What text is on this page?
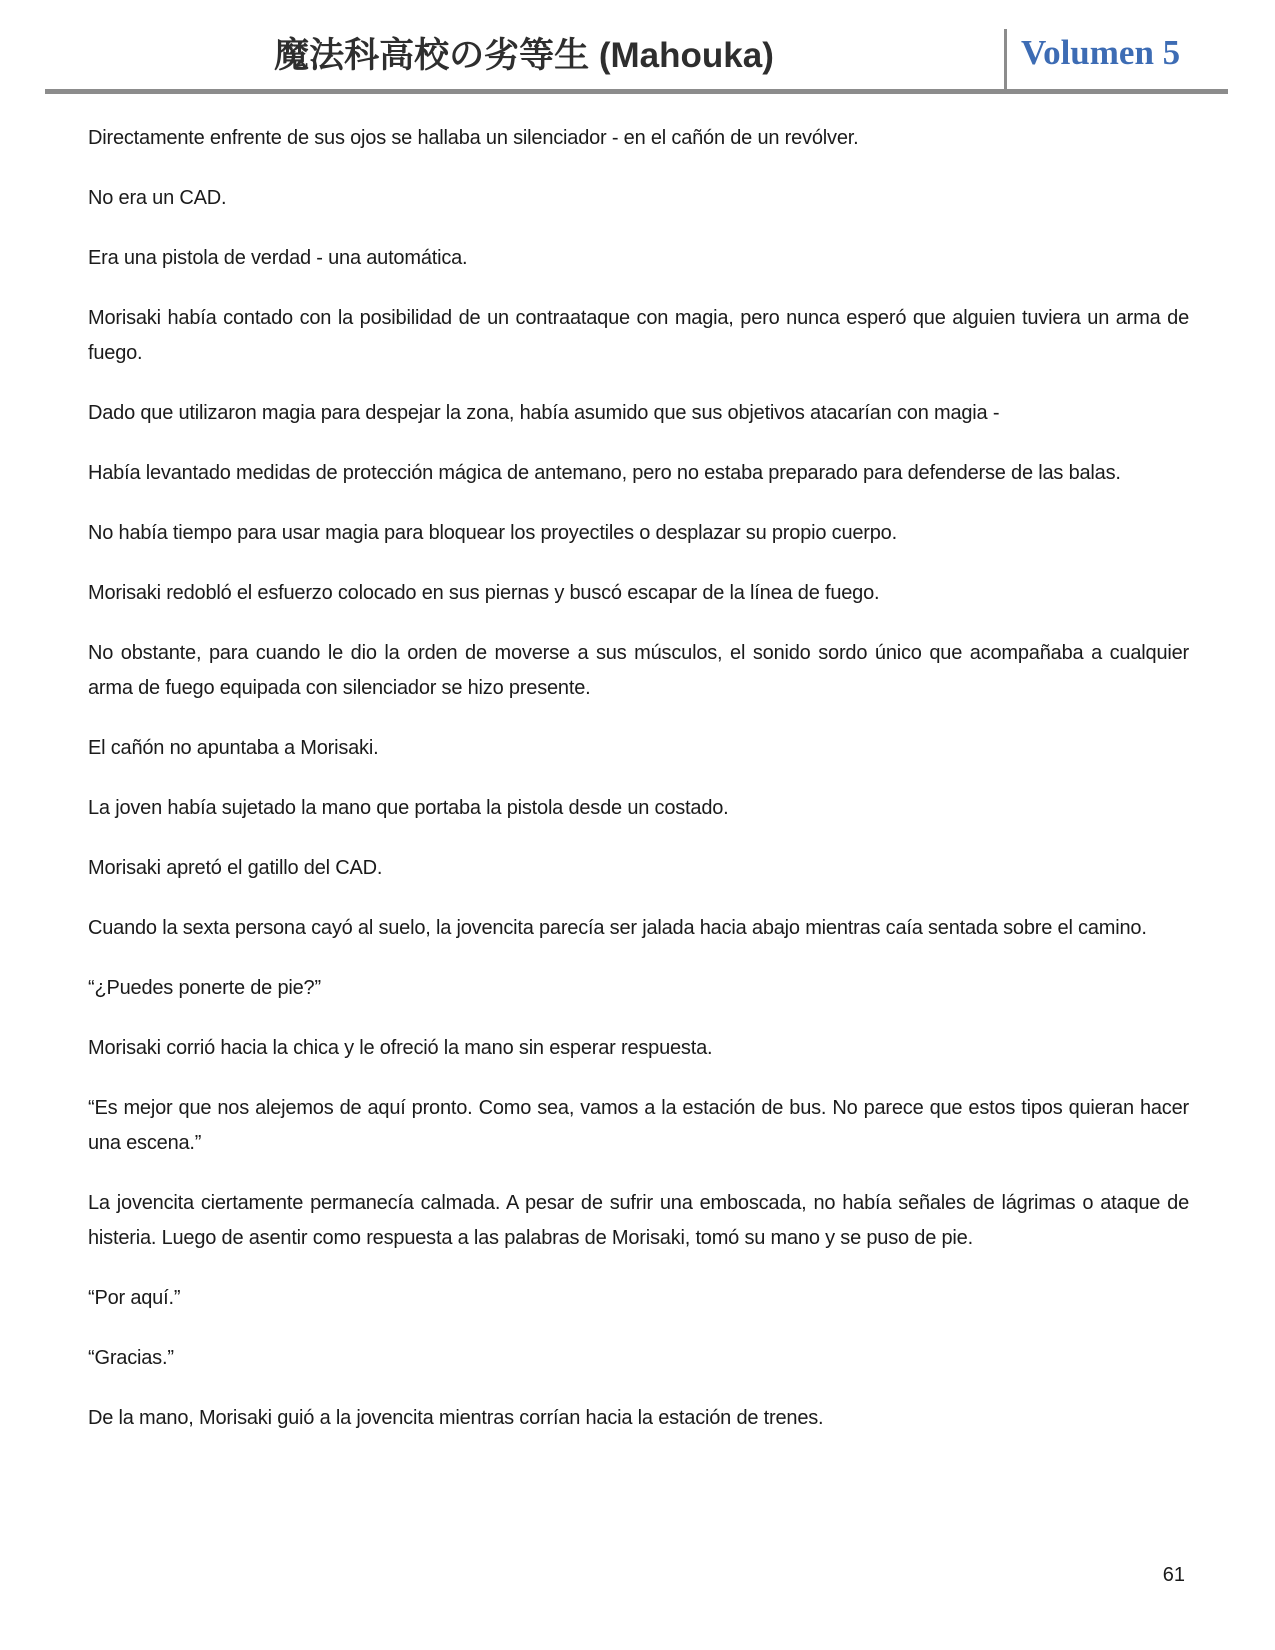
魔法科高校の劣等生 (Mahouka)	Volumen 5

Directamente enfrente de sus ojos se hallaba un silenciador - en el cañón de un revólver.

No era un CAD.

Era una pistola de verdad - una automática.

Morisaki había contado con la posibilidad de un contraataque con magia, pero nunca esperó que alguien tuviera un arma de fuego.

Dado que utilizaron magia para despejar la zona, había asumido que sus objetivos atacarían con magia -

Había levantado medidas de protección mágica de antemano, pero no estaba preparado para defenderse de las balas.

No había tiempo para usar magia para bloquear los proyectiles o desplazar su propio cuerpo.

Morisaki redobló el esfuerzo colocado en sus piernas y buscó escapar de la línea de fuego.

No obstante, para cuando le dio la orden de moverse a sus músculos, el sonido sordo único que acompañaba a cualquier arma de fuego equipada con silenciador se hizo presente.

El cañón no apuntaba a Morisaki.

La joven había sujetado la mano que portaba la pistola desde un costado.

Morisaki apretó el gatillo del CAD.

Cuando la sexta persona cayó al suelo, la jovencita parecía ser jalada hacia abajo mientras caía sentada sobre el camino.

“¿Puedes ponerte de pie?”

Morisaki corrió hacia la chica y le ofreció la mano sin esperar respuesta.

“Es mejor que nos alejemos de aquí pronto. Como sea, vamos a la estación de bus. No parece que estos tipos quieran hacer una escena.”

La jovencita ciertamente permanecía calmada. A pesar de sufrir una emboscada, no había señales de lágrimas o ataque de histeria. Luego de asentir como respuesta a las palabras de Morisaki, tomó su mano y se puso de pie.

“Por aquí.”

“Gracias.”

De la mano, Morisaki guió a la jovencita mientras corrían hacia la estación de trenes.

61
